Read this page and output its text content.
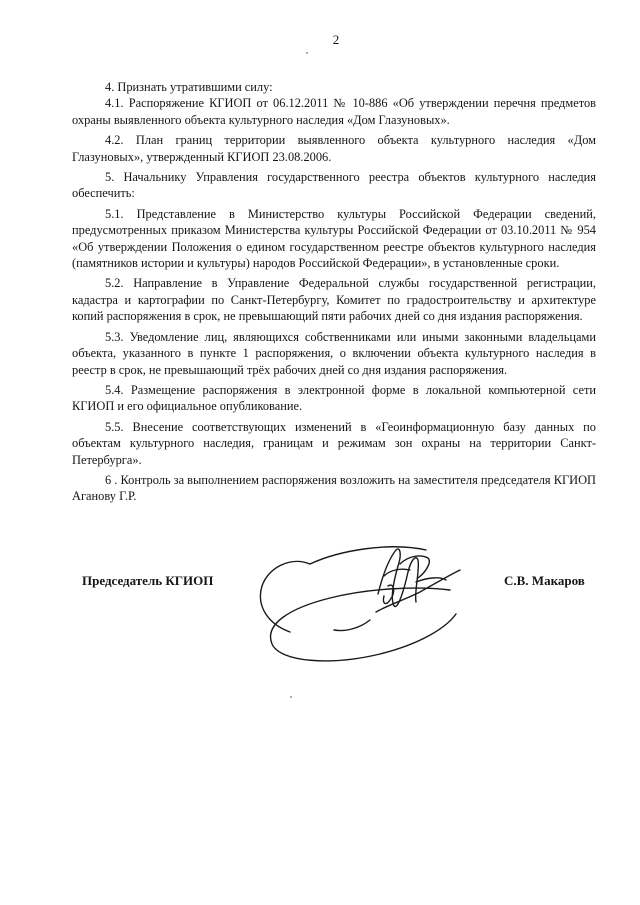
2

4. Признать утратившими силу:

4.1. Распоряжение КГИОП от 06.12.2011 № 10-886 «Об утверждении перечня предметов охраны выявленного объекта культурного наследия «Дом Глазуновых».

4.2. План границ территории выявленного объекта культурного наследия «Дом Глазуновых», утвержденный КГИОП 23.08.2006.

5. Начальнику Управления государственного реестра объектов культурного наследия обеспечить:

5.1. Представление в Министерство культуры Российской Федерации сведений, предусмотренных приказом Министерства культуры Российской Федерации от 03.10.2011 № 954 «Об утверждении Положения о едином государственном реестре объектов культурного наследия (памятников истории и культуры) народов Российской Федерации», в установленные сроки.

5.2. Направление в Управление Федеральной службы государственной регистрации, кадастра и картографии по Санкт-Петербургу, Комитет по градостроительству и архитектуре копий распоряжения в срок, не превышающий пяти рабочих дней со дня издания распоряжения.

5.3. Уведомление лиц, являющихся собственниками или иными законными владельцами объекта, указанного в пункте 1 распоряжения, о включении объекта культурного наследия в реестр в срок, не превышающий трёх рабочих дней со дня издания распоряжения.

5.4. Размещение распоряжения в электронной форме в локальной компьютерной сети КГИОП и его официальное опубликование.

5.5. Внесение соответствующих изменений в «Геоинформационную базу данных по объектам культурного наследия, границам и режимам зон охраны на территории Санкт-Петербурга».

6 . Контроль за выполнением распоряжения возложить на заместителя председателя КГИОП Аганову Г.Р.

Председатель КГИОП	С.В. Макаров
